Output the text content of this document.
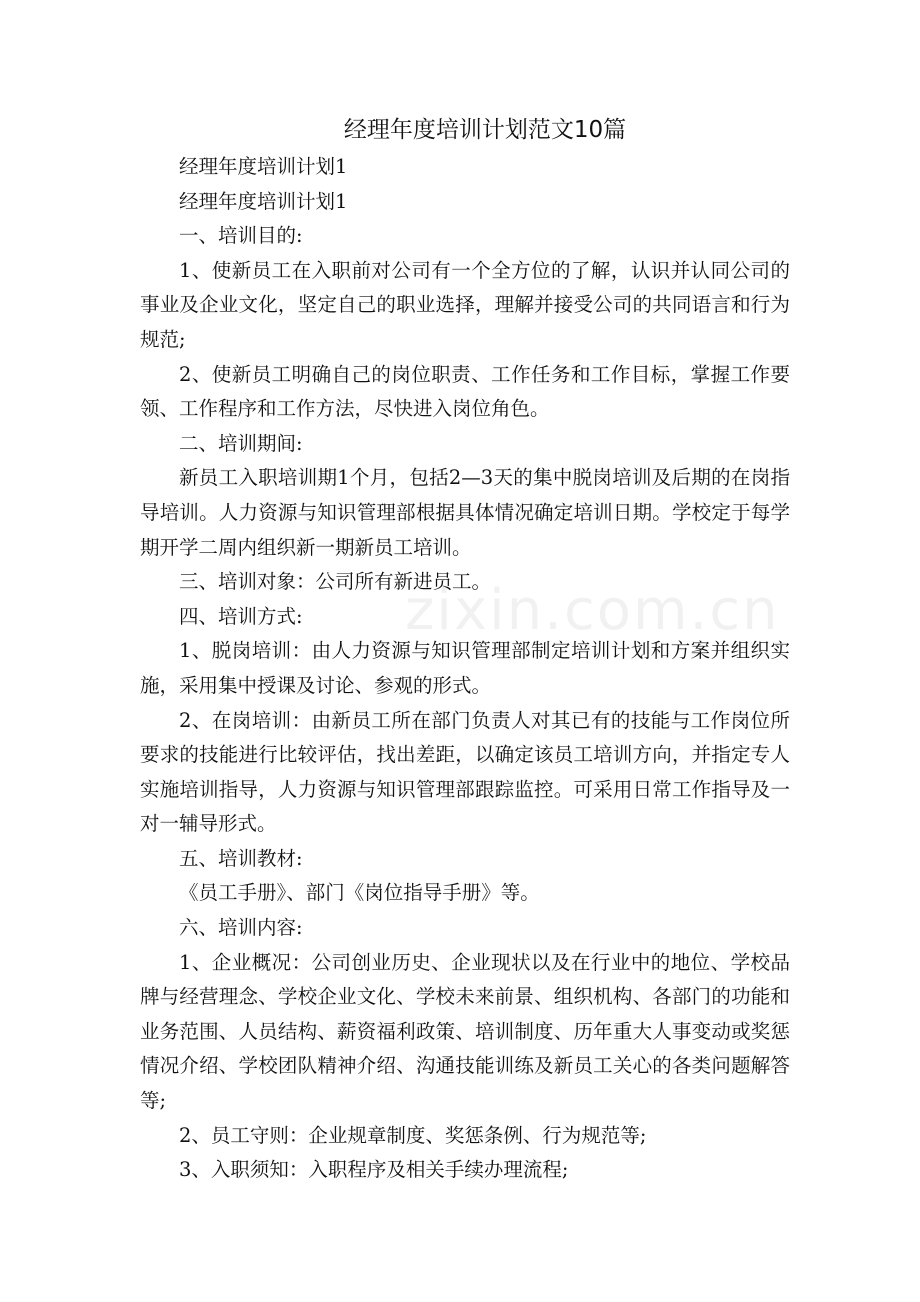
zixin.com.cn
经理年度培训计划范文10篇

经理年度培训计划1

经理年度培训计划1

一、培训目的:

1、使新员工在入职前对公司有一个全方位的了解，认识并认同公司的事业及企业文化，坚定自己的职业选择，理解并接受公司的共同语言和行为规范;

2、使新员工明确自己的岗位职责、工作任务和工作目标，掌握工作要领、工作程序和工作方法，尽快进入岗位角色。

二、培训期间:

新员工入职培训期1个月，包括2—3天的集中脱岗培训及后期的在岗指导培训。人力资源与知识管理部根据具体情况确定培训日期。学校定于每学期开学二周内组织新一期新员工培训。

三、培训对象：公司所有新进员工。

四、培训方式:

1、脱岗培训：由人力资源与知识管理部制定培训计划和方案并组织实施，采用集中授课及讨论、参观的形式。

2、在岗培训：由新员工所在部门负责人对其已有的技能与工作岗位所要求的技能进行比较评估，找出差距，以确定该员工培训方向，并指定专人实施培训指导，人力资源与知识管理部跟踪监控。可采用日常工作指导及一对一辅导形式。

五、培训教材:

《员工手册》、部门《岗位指导手册》等。

六、培训内容:

1、企业概况：公司创业历史、企业现状以及在行业中的地位、学校品牌与经营理念、学校企业文化、学校未来前景、组织机构、各部门的功能和业务范围、人员结构、薪资福利政策、培训制度、历年重大人事变动或奖惩情况介绍、学校团队精神介绍、沟通技能训练及新员工关心的各类问题解答等;

2、员工守则：企业规章制度、奖惩条例、行为规范等;

3、入职须知：入职程序及相关手续办理流程;
